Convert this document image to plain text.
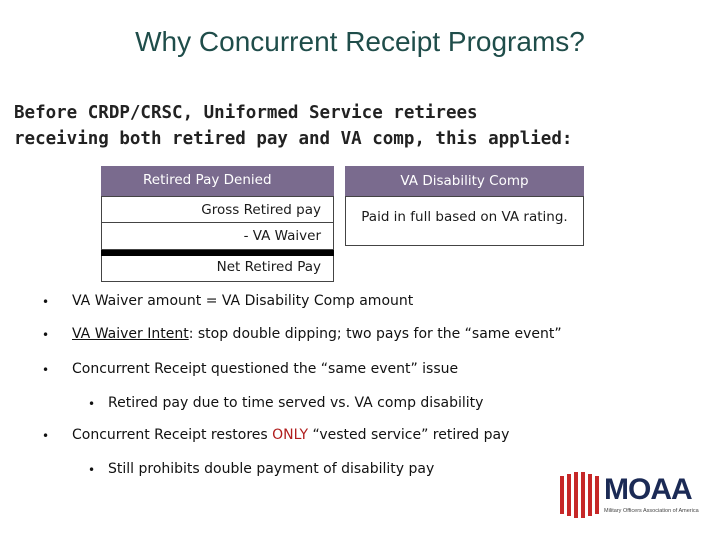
Why Concurrent Receipt Programs?
Before CRDP/CRSC, Uniformed Service retirees
receiving both retired pay and VA comp, this applied:
Retired Pay Denied	VA Disability Comp
Gross Retired pay
- VA Waiver
Net Retired Pay
Paid in full based on VA rating.
• VA Waiver amount = VA Disability Comp amount
• VA Waiver Intent: stop double dipping; two pays for the “same event”
• Concurrent Receipt questioned the “same event” issue
• Retired pay due to time served vs. VA comp disability
• Concurrent Receipt restores ONLY “vested service” retired pay
• Still prohibits double payment of disability pay
MOAA
Military Officers Association of America
